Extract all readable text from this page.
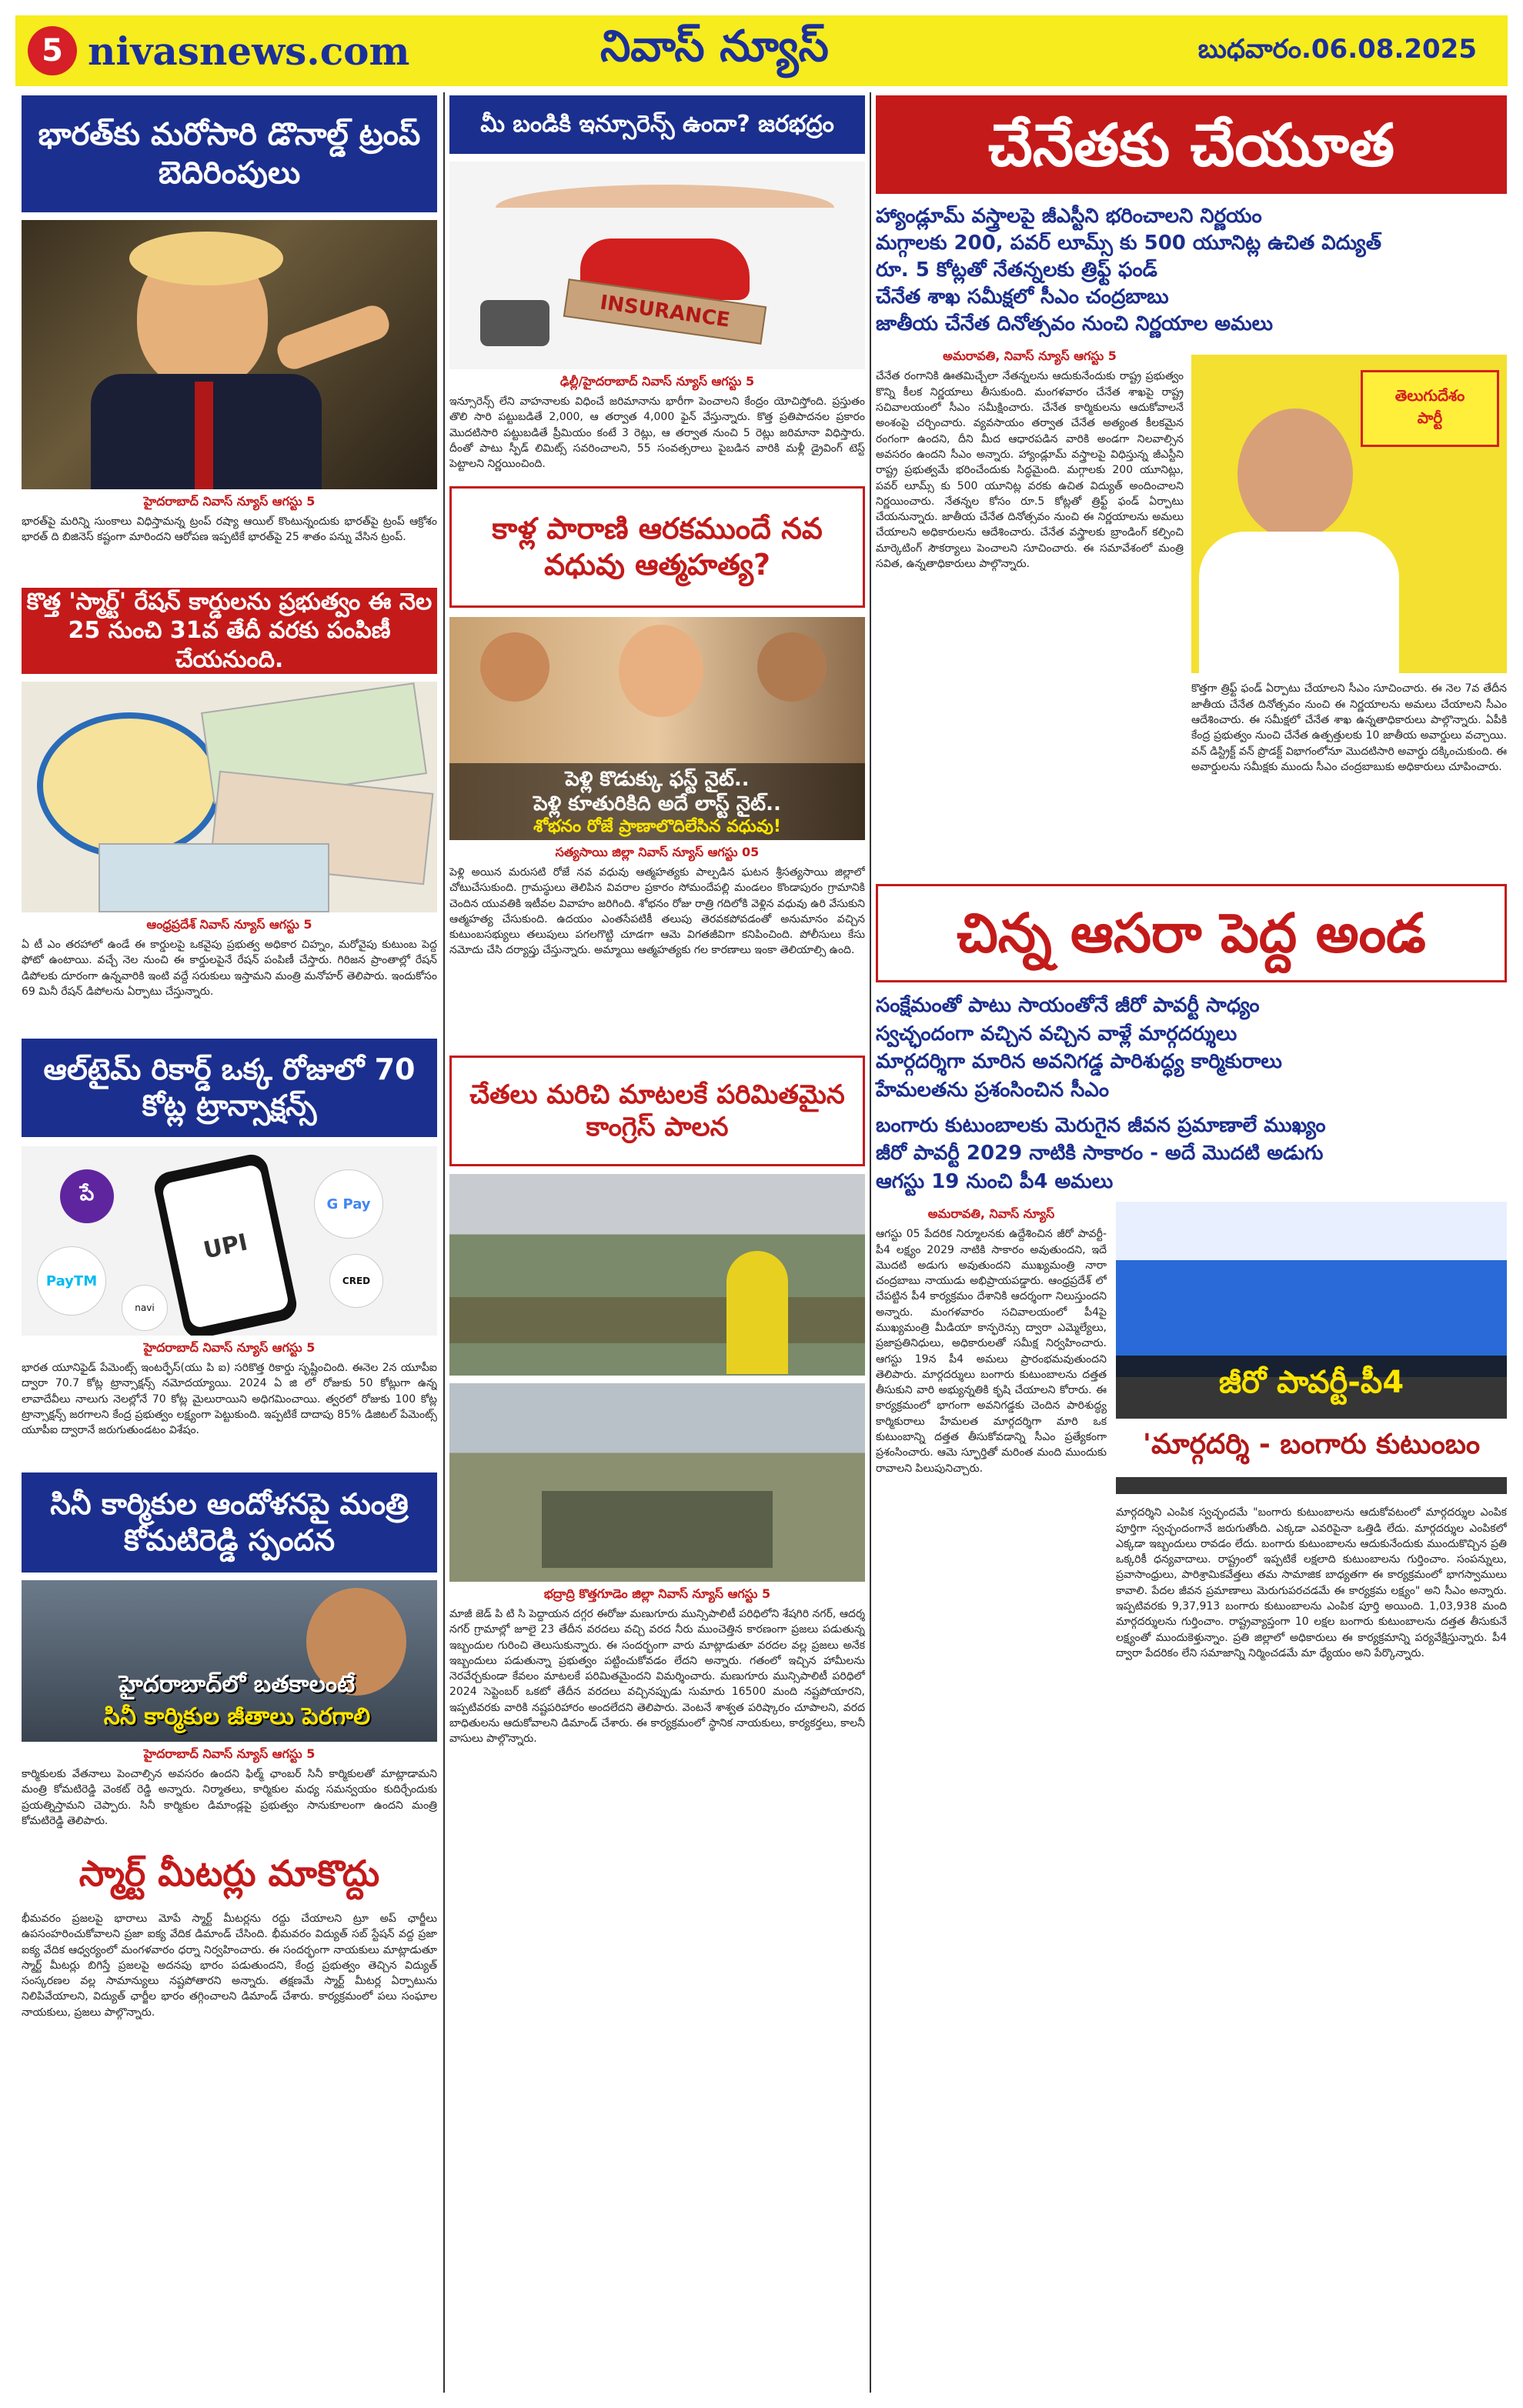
5 nivasnews.com	నివాస్ న్యూస్	బుధవారం.06.08.2025
భారత్‌కు మరోసారి డొనాల్డ్ ట్రంప్ బెదిరింపులు
హైదరాబాద్ నివాస్ న్యూస్ ఆగస్టు 5
భారత్‌పై మరిన్ని సుంకాలు విధిస్తామన్న ట్రంప్ రష్యా ఆయిల్ కొంటున్నందుకు భారత్‌పై ట్రంప్ ఆక్రోశం భారత్ ది బిజినెస్ కష్టంగా మారిందని ఆరోపణ ఇప్పటికే భారత్‌పై 25 శాతం పన్ను వేసిన ట్రంప్.
కొత్త 'స్మార్ట్' రేషన్ కార్డులను ప్రభుత్వం ఈ నెల 25 నుంచి 31వ తేదీ వరకు పంపిణీ చేయనుంది.
ఆంధ్రప్రదేశ్ నివాస్ న్యూస్ ఆగస్టు 5
ఏ టీ ఎం తరహాలో ఉండే ఈ కార్డులపై ఒకవైపు ప్రభుత్వ అధికార చిహ్నం, మరోవైపు కుటుంబ పెద్ద ఫోటో ఉంటాయి. వచ్చే నెల నుంచి ఈ కార్డులపైనే రేషన్ పంపిణీ చేస్తారు. గిరిజన ప్రాంతాల్లో రేషన్ డిపోలకు దూరంగా ఉన్నవారికి ఇంటి వద్దే సరుకులు ఇస్తామని మంత్రి మనోహర్ తెలిపారు. ఇందుకోసం 69 మినీ రేషన్ డిపోలను ఏర్పాటు చేస్తున్నారు.
ఆల్‌టైమ్ రికార్డ్ ఒక్క రోజులో 70 కోట్ల ట్రాన్సాక్షన్స్
పే
PayTM
UPI
G Pay
CRED
navi
హైదరాబాద్ నివాస్ న్యూస్ ఆగస్టు 5
భారత యూనిఫైడ్ పేమెంట్స్ ఇంటర్ఫేస్(యు పి ఐ) సరికొత్త రికార్డు సృష్టించింది. ఈనెల 2న యూపీఐ ద్వారా 70.7 కోట్ల ట్రాన్సాక్షన్స్ నమోదయ్యాయి. 2024 ఏ జి లో రోజుకు 50 కోట్లుగా ఉన్న లావాదేవీలు నాలుగు నెలల్లోనే 70 కోట్ల మైలురాయిని అధిగమించాయి. త్వరలో రోజుకు 100 కోట్ల ట్రాన్సాక్షన్స్ జరగాలని కేంద్ర ప్రభుత్వం లక్ష్యంగా పెట్టుకుంది. ఇప్పటికే దాదాపు 85% డిజిటల్ పేమెంట్స్ యూపీఐ ద్వారానే జరుగుతుండటం విశేషం.
సినీ కార్మికుల ఆందోళనపై మంత్రి కోమటిరెడ్డి స్పందన
హైదరాబాద్‌లో బతకాలంటే
సినీ కార్మికుల జీతాలు పెరగాలి
హైదరాబాద్ నివాస్ న్యూస్ ఆగస్టు 5
కార్మికులకు వేతనాలు పెంచాల్సిన అవసరం ఉందని ఫిల్మ్ ఛాంబర్ సినీ కార్మికులతో మాట్లాడామని మంత్రి కోమటిరెడ్డి వెంకట్ రెడ్డి అన్నారు. నిర్మాతలు, కార్మికుల మధ్య సమన్వయం కుదిర్చేందుకు ప్రయత్నిస్తామని చెప్పారు. సినీ కార్మికుల డిమాండ్లపై ప్రభుత్వం సానుకూలంగా ఉందని మంత్రి కోమటిరెడ్డి తెలిపారు.
స్మార్ట్ మీటర్లు మాకొద్దు
భీమవరం ప్రజలపై భారాలు మోపే స్మార్ట్ మీటర్లను రద్దు చేయాలని ట్రూ అప్ ఛార్జీలు ఉపసంహరించుకోవాలని ప్రజా ఐక్య వేదిక డిమాండ్ చేసింది. భీమవరం విద్యుత్ సబ్ స్టేషన్ వద్ద ప్రజా ఐక్య వేదిక ఆధ్వర్యంలో మంగళవారం ధర్నా నిర్వహించారు. ఈ సందర్భంగా నాయకులు మాట్లాడుతూ స్మార్ట్ మీటర్లు బిగిస్తే ప్రజలపై అదనపు భారం పడుతుందని, కేంద్ర ప్రభుత్వం తెచ్చిన విద్యుత్ సంస్కరణల వల్ల సామాన్యులు నష్టపోతారని అన్నారు. తక్షణమే స్మార్ట్ మీటర్ల ఏర్పాటును నిలిపివేయాలని, విద్యుత్ ఛార్జీల భారం తగ్గించాలని డిమాండ్ చేశారు. కార్యక్రమంలో పలు సంఘాల నాయకులు, ప్రజలు పాల్గొన్నారు.
మీ బండికి ఇన్సూరెన్స్ ఉందా? జరభద్రం
INSURANCE
ఢిల్లీ/హైదరాబాద్ నివాస్ న్యూస్ ఆగస్టు 5
ఇన్సూరెన్స్ లేని వాహనాలకు విధించే జరిమానాను భారీగా పెంచాలని కేంద్రం యోచిస్తోంది. ప్రస్తుతం తొలి సారి పట్టుబడితే 2,000, ఆ తర్వాత 4,000 ఫైన్ వేస్తున్నారు. కొత్త ప్రతిపాదనల ప్రకారం మొదటిసారి పట్టుబడితే ప్రీమియం కంటే 3 రెట్లు, ఆ తర్వాత నుంచి 5 రెట్లు జరిమానా విధిస్తారు. దీంతో పాటు స్పీడ్ లిమిట్స్ సవరించాలని, 55 సంవత్సరాలు పైబడిన వారికి మళ్లీ డ్రైవింగ్ టెస్ట్ పెట్టాలని నిర్ణయించింది.
కాళ్ల పారాణి ఆరకముందే నవ వధువు ఆత్మహత్య?
పెళ్లి కొడుక్కు ఫస్ట్ నైట్..
పెళ్లి కూతురికిది అదే లాస్ట్ నైట్..
శోభనం రోజే ప్రాణాలొదిలేసిన వధువు!
సత్యసాయి జిల్లా నివాస్ న్యూస్ ఆగస్టు 05
పెళ్లి అయిన మరుసటి రోజే నవ వధువు ఆత్మహత్యకు పాల్పడిన ఘటన శ్రీసత్యసాయి జిల్లాలో చోటుచేసుకుంది. గ్రామస్థులు తెలిపిన వివరాల ప్రకారం సోమందేపల్లి మండలం కొండాపురం గ్రామానికి చెందిన యువతికి ఇటీవల వివాహం జరిగింది. శోభనం రోజు రాత్రి గదిలోకి వెళ్లిన వధువు ఉరి వేసుకుని ఆత్మహత్య చేసుకుంది. ఉదయం ఎంతసేపటికీ తలుపు తెరవకపోవడంతో అనుమానం వచ్చిన కుటుంబసభ్యులు తలుపులు పగలగొట్టి చూడగా ఆమె విగతజీవిగా కనిపించింది. పోలీసులు కేసు నమోదు చేసి దర్యాప్తు చేస్తున్నారు. అమ్మాయి ఆత్మహత్యకు గల కారణాలు ఇంకా తెలియాల్సి ఉంది.
చేతలు మరిచి మాటలకే పరిమితమైన కాంగ్రెస్ పాలన
భద్రాద్రి కొత్తగూడెం జిల్లా నివాస్ న్యూస్ ఆగస్టు 5
మాజీ జెడ్ పి టి సి పెద్దాయన దగ్గర ఈరోజు మణుగూరు మున్సిపాలిటీ పరిధిలోని శేషగిరి నగర్, ఆదర్శ నగర్ గ్రామాల్లో జూలై 23 తేదీన వరదలు వచ్చి వరద నీరు ముంచెత్తిన కారణంగా ప్రజలు పడుతున్న ఇబ్బందుల గురించి తెలుసుకున్నారు. ఈ సందర్భంగా వారు మాట్లాడుతూ వరదల వల్ల ప్రజలు అనేక ఇబ్బందులు పడుతున్నా ప్రభుత్వం పట్టించుకోవడం లేదని అన్నారు. గతంలో ఇచ్చిన హామీలను నెరవేర్చకుండా కేవలం మాటలకే పరిమితమైందని విమర్శించారు. మణుగూరు మున్సిపాలిటీ పరిధిలో 2024 సెప్టెంబర్ ఒకటో తేదీన వరదలు వచ్చినప్పుడు సుమారు 16500 మంది నష్టపోయారని, ఇప్పటివరకు వారికి నష్టపరిహారం అందలేదని తెలిపారు. వెంటనే శాశ్వత పరిష్కారం చూపాలని, వరద బాధితులను ఆదుకోవాలని డిమాండ్ చేశారు. ఈ కార్యక్రమంలో స్థానిక నాయకులు, కార్యకర్తలు, కాలనీ వాసులు పాల్గొన్నారు.
చేనేతకు చేయూత
హ్యాండ్లూమ్ వస్త్రాలపై జీఎస్టీని భరించాలని నిర్ణయం
మగ్గాలకు 200, పవర్ లూమ్స్ కు 500 యూనిట్ల ఉచిత విద్యుత్
రూ. 5 కోట్లతో నేతన్నలకు త్రిఫ్ట్ ఫండ్
చేనేత శాఖ సమీక్షలో సీఎం చంద్రబాబు
జాతీయ చేనేత దినోత్సవం నుంచి నిర్ణయాల అమలు
అమరావతి, నివాస్ న్యూస్ ఆగస్టు 5
చేనేత రంగానికి ఊతమిచ్చేలా నేతన్నలను ఆదుకునేందుకు రాష్ట్ర ప్రభుత్వం కొన్ని కీలక నిర్ణయాలు తీసుకుంది. మంగళవారం చేనేత శాఖపై రాష్ట్ర సచివాలయంలో సీఎం సమీక్షించారు. చేనేత కార్మికులను ఆదుకోవాలనే అంశంపై చర్చించారు. వ్యవసాయం తర్వాత చేనేత అత్యంత కీలకమైన రంగంగా ఉందని, దీని మీద ఆధారపడిన వారికి అండగా నిలవాల్సిన అవసరం ఉందని సీఎం అన్నారు. హ్యాండ్లూమ్ వస్త్రాలపై విధిస్తున్న జీఎస్టీని రాష్ట్ర ప్రభుత్వమే భరించేందుకు సిద్ధమైంది. మగ్గాలకు 200 యూనిట్లు, పవర్ లూమ్స్ కు 500 యూనిట్ల వరకు ఉచిత విద్యుత్ అందించాలని నిర్ణయించారు. నేతన్నల కోసం రూ.5 కోట్లతో త్రిఫ్ట్ ఫండ్ ఏర్పాటు చేయనున్నారు. జాతీయ చేనేత దినోత్సవం నుంచి ఈ నిర్ణయాలను అమలు చేయాలని అధికారులను ఆదేశించారు. చేనేత వస్త్రాలకు బ్రాండింగ్ కల్పించి మార్కెటింగ్ సౌకర్యాలు పెంచాలని సూచించారు. ఈ సమావేశంలో మంత్రి సవిత, ఉన్నతాధికారులు పాల్గొన్నారు.
తెలుగుదేశం
పార్టీ
కొత్తగా త్రిఫ్ట్ ఫండ్ ఏర్పాటు చేయాలని సీఎం సూచించారు. ఈ నెల 7వ తేదీన జాతీయ చేనేత దినోత్సవం నుంచి ఈ నిర్ణయాలను అమలు చేయాలని సీఎం ఆదేశించారు. ఈ సమీక్షలో చేనేత శాఖ ఉన్నతాధికారులు పాల్గొన్నారు. ఏపీకి కేంద్ర ప్రభుత్వం నుంచి చేనేత ఉత్పత్తులకు 10 జాతీయ అవార్డులు వచ్చాయి. వన్ డిస్ట్రిక్ట్ వన్ ప్రొడక్ట్ విభాగంలోనూ మొదటిసారి అవార్డు దక్కించుకుంది. ఈ అవార్డులను సమీక్షకు ముందు సీఎం చంద్రబాబుకు అధికారులు చూపించారు.
చిన్న ఆసరా పెద్ద అండ
సంక్షేమంతో పాటు సాయంతోనే జీరో పావర్టీ సాధ్యం
స్వచ్ఛందంగా వచ్చిన వచ్చిన వాళ్లే మార్గదర్శులు
మార్గదర్శిగా మారిన అవనిగడ్డ పారిశుద్ధ్య కార్మికురాలు
హేమలతను ప్రశంసించిన సీఎం
బంగారు కుటుంబాలకు మెరుగైన జీవన ప్రమాణాలే ముఖ్యం
జీరో పావర్టీ 2029 నాటికి సాకారం - అదే మొదటి అడుగు
ఆగస్టు 19 నుంచి పీ4 అమలు
అమరావతి, నివాస్ న్యూస్
ఆగస్టు 05 పేదరిక నిర్మూలనకు ఉద్దేశించిన జీరో పావర్టీ-పీ4 లక్ష్యం 2029 నాటికి సాకారం అవుతుందని, ఇదే మొదటి అడుగు అవుతుందని ముఖ్యమంత్రి నారా చంద్రబాబు నాయుడు అభిప్రాయపడ్డారు. ఆంధ్రప్రదేశ్ లో చేపట్టిన పీ4 కార్యక్రమం దేశానికి ఆదర్శంగా నిలుస్తుందని అన్నారు. మంగళవారం సచివాలయంలో పీ4పై ముఖ్యమంత్రి మీడియా కాన్ఫరెన్సు ద్వారా ఎమ్మెల్యేలు, ప్రజాప్రతినిధులు, అధికారులతో సమీక్ష నిర్వహించారు. ఆగస్టు 19న పీ4 అమలు ప్రారంభమవుతుందని తెలిపారు. మార్గదర్శులు బంగారు కుటుంబాలను దత్తత తీసుకుని వారి అభ్యున్నతికి కృషి చేయాలని కోరారు. ఈ కార్యక్రమంలో భాగంగా అవనిగడ్డకు చెందిన పారిశుద్ధ్య కార్మికురాలు హేమలత మార్గదర్శిగా మారి ఒక కుటుంబాన్ని దత్తత తీసుకోవడాన్ని సీఎం ప్రత్యేకంగా ప్రశంసించారు. ఆమె స్ఫూర్తితో మరింత మంది ముందుకు రావాలని పిలుపునిచ్చారు.
జీరో పావర్టీ-పీ4
'మార్గదర్శి - బంగారు కుటుంబం
మార్గదర్శిని ఎంపిక స్వచ్ఛందమే "బంగారు కుటుంబాలను ఆదుకోవటంలో మార్గదర్శుల ఎంపిక పూర్తిగా స్వచ్ఛందంగానే జరుగుతోంది. ఎక్కడా ఎవరిపైనా ఒత్తిడి లేదు. మార్గదర్శుల ఎంపికలో ఎక్కడా ఇబ్బందులు రావడం లేదు. బంగారు కుటుంబాలను ఆదుకునేందుకు ముందుకొచ్చిన ప్రతి ఒక్కరికీ ధన్యవాదాలు. రాష్ట్రంలో ఇప్పటికే లక్షలాది కుటుంబాలను గుర్తించాం. సంపన్నులు, ప్రవాసాంధ్రులు, పారిశ్రామికవేత్తలు తమ సామాజిక బాధ్యతగా ఈ కార్యక్రమంలో భాగస్వాములు కావాలి. పేదల జీవన ప్రమాణాలు మెరుగుపరచడమే ఈ కార్యక్రమ లక్ష్యం" అని సీఎం అన్నారు. ఇప్పటివరకు 9,37,913 బంగారు కుటుంబాలను ఎంపిక పూర్తి అయింది. 1,03,938 మంది మార్గదర్శులను గుర్తించాం. రాష్ట్రవ్యాప్తంగా 10 లక్షల బంగారు కుటుంబాలను దత్తత తీసుకునే లక్ష్యంతో ముందుకెళ్తున్నాం. ప్రతి జిల్లాలో అధికారులు ఈ కార్యక్రమాన్ని పర్యవేక్షిస్తున్నారు. పీ4 ద్వారా పేదరికం లేని సమాజాన్ని నిర్మించడమే మా ధ్యేయం అని పేర్కొన్నారు.
